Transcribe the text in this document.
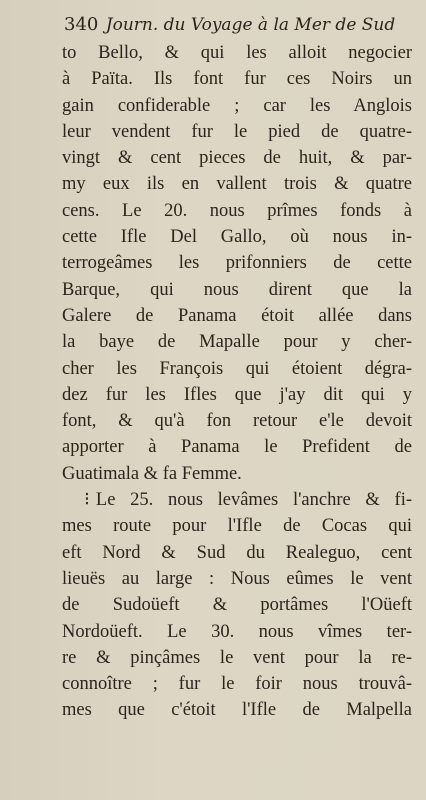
340 Journ. du Voyage à la Mer de Sud
to Bello, & qui les alloit negocier
à Païta. Ils font fur ces Noirs un
gain confiderable ; car les Anglois
leur vendent fur le pied de quatre-
vingt & cent pieces de huit, & par-
my eux ils en vallent trois & quatre
cens. Le 20. nous prîmes fonds à
cette Ifle Del Gallo, où nous in-
terrogeâmes les prifonniers de cette
Barque, qui nous dirent que la
Galere de Panama étoit allée dans
la baye de Mapalle pour y cher-
cher les François qui étoient dégra-
dez fur les Ifles que j'ay dit qui y
font, & qu'à fon retour e'le devoit
apporter à Panama le Prefident de
Guatimala & fa Femme.
⁝ Le 25. nous levâmes l'anchre & fi-
mes route pour l'Ifle de Cocas qui
eft Nord & Sud du Realeguo, cent
lieuës au large : Nous eûmes le vent
de Sudoüeft & portâmes l'Oüeft
Nordoüeft. Le 30. nous vîmes ter-
re & pinçâmes le vent pour la re-
connoître ; fur le foir nous trouvâ-
mes que c'étoit l'Ifle de Malpella
